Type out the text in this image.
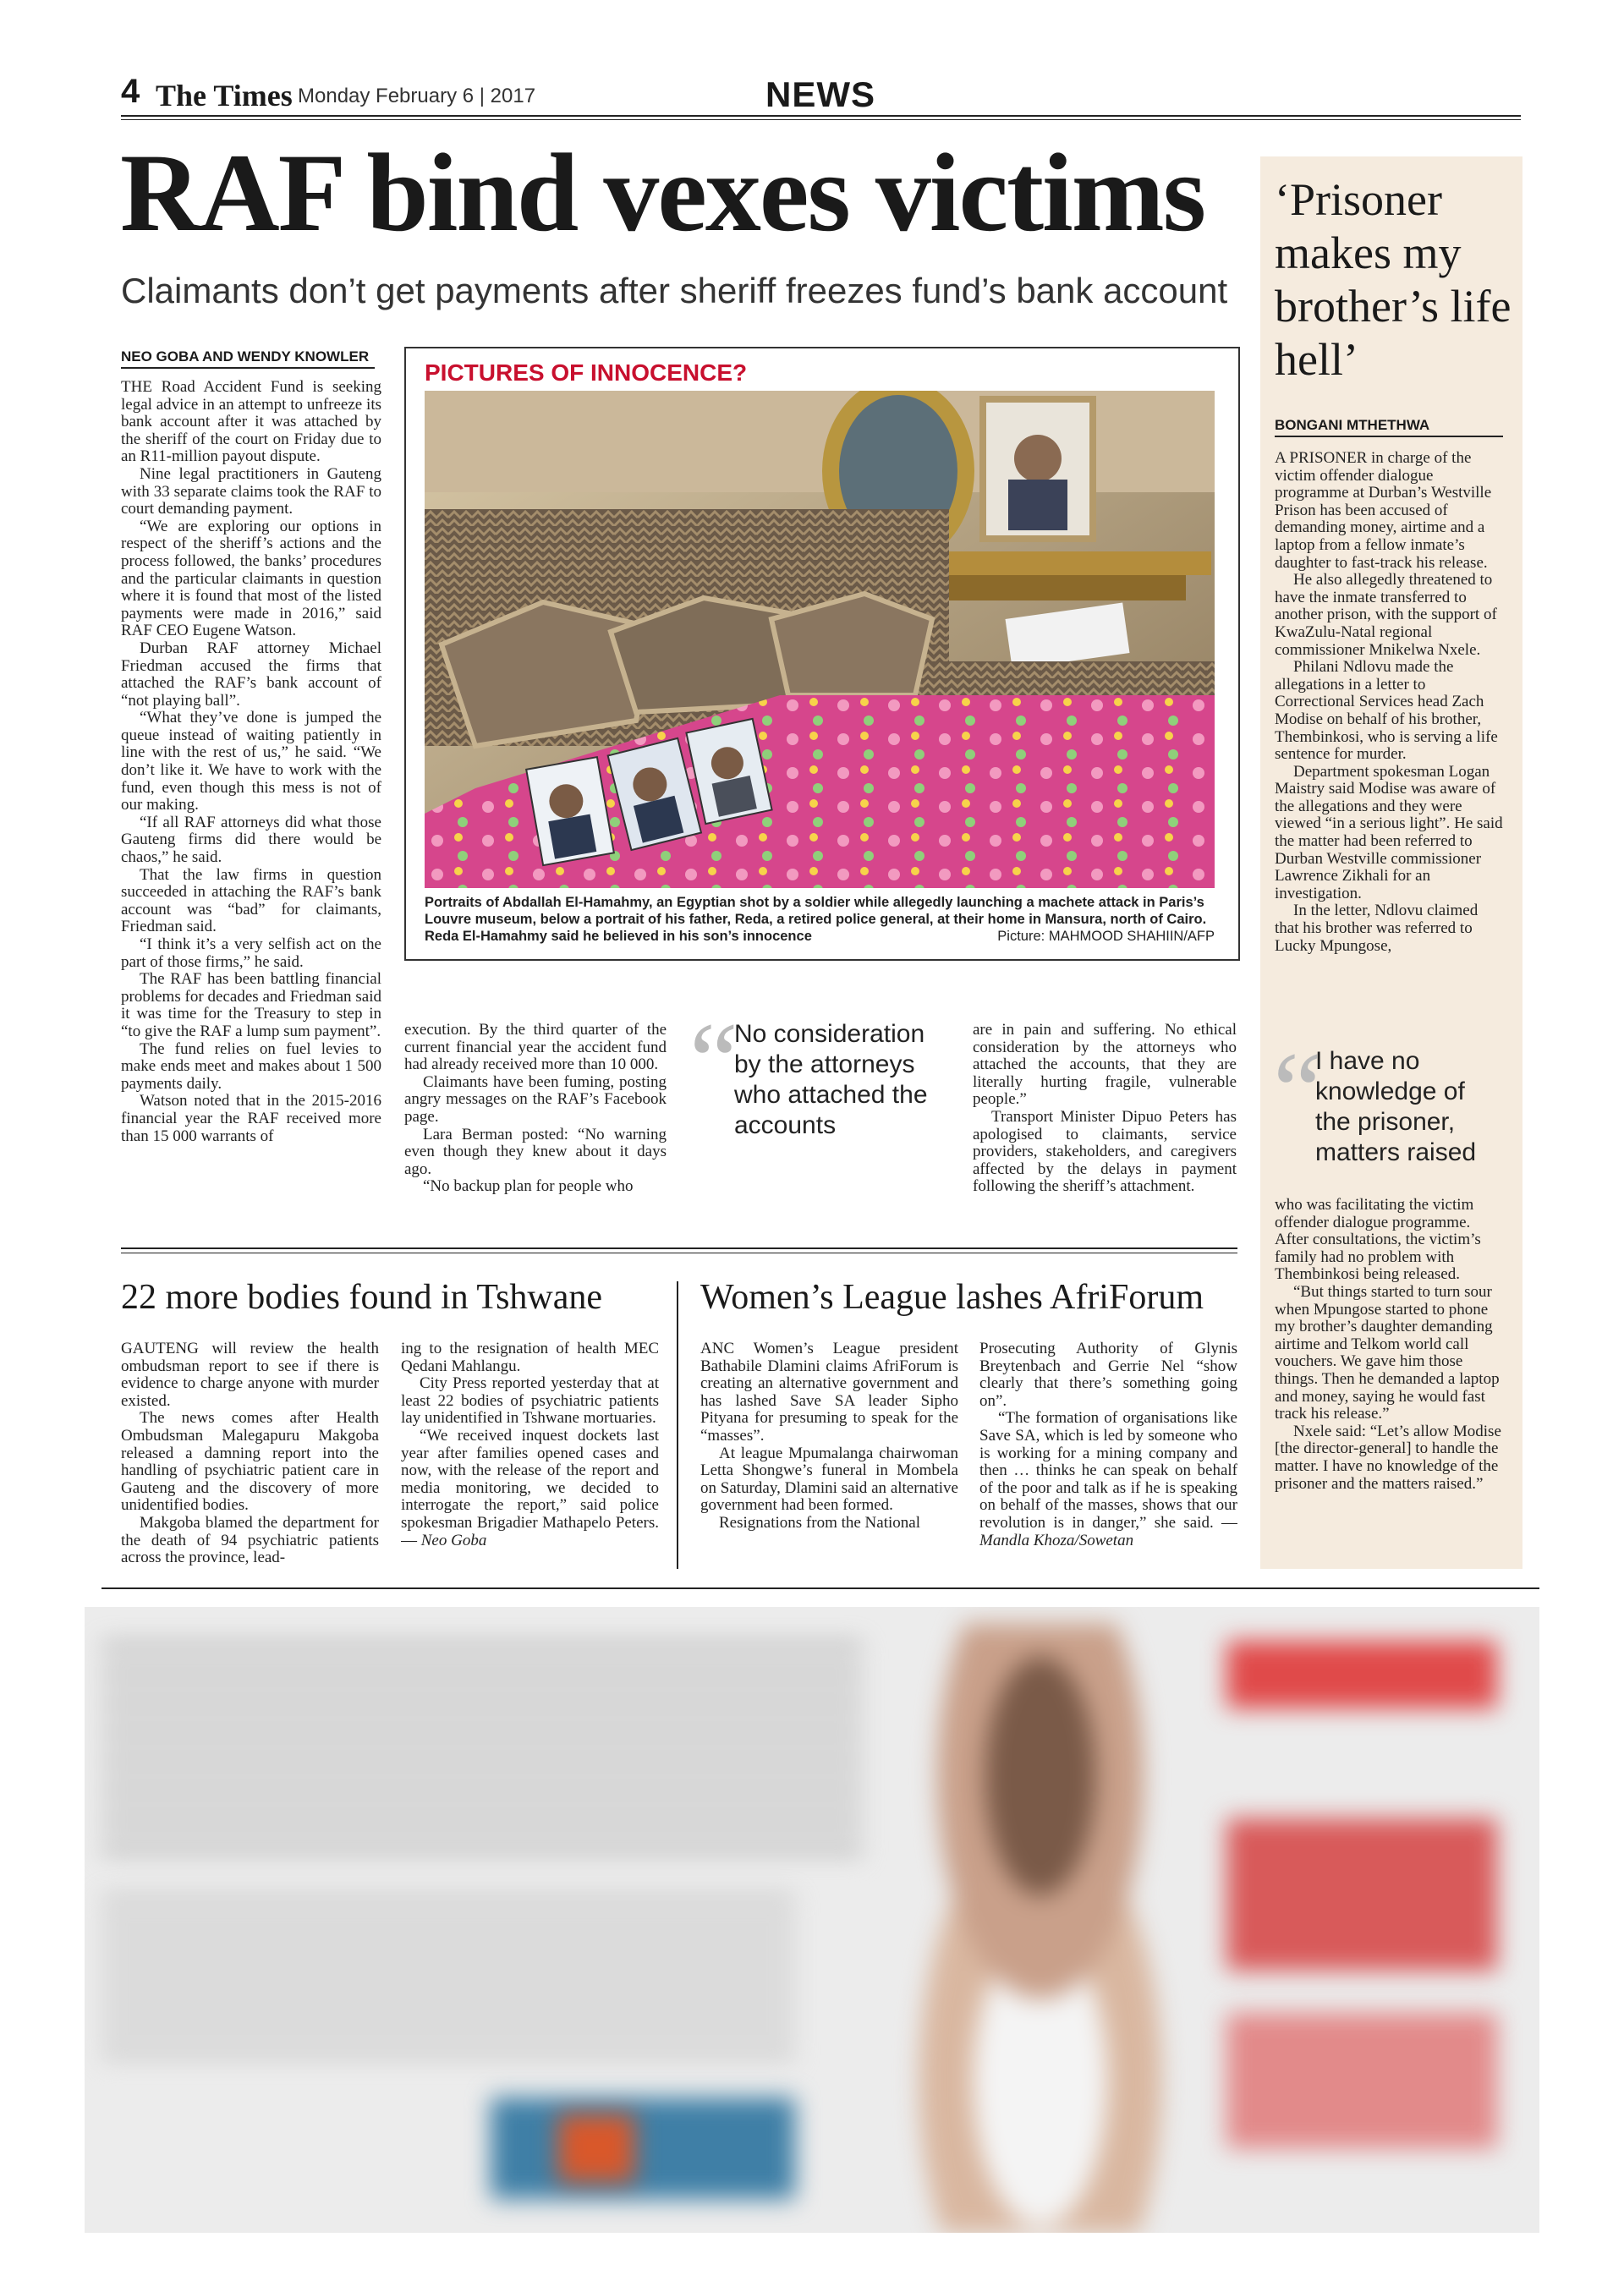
4 The Times Monday February 6 | 2017	NEWS
RAF bind vexes victims
Claimants don’t get payments after sheriff freezes fund’s bank account
NEO GOBA AND WENDY KNOWLER

THE Road Accident Fund is seeking legal advice in an attempt to unfreeze its bank account after it was attached by the sheriff of the court on Friday due to an R11-million payout dispute.

Nine legal practitioners in Gauteng with 33 separate claims took the RAF to court demanding payment.

“We are exploring our options in respect of the sheriff’s actions and the process followed, the banks’ procedures and the particular claimants in question where it is found that most of the listed payments were made in 2016,” said RAF CEO Eugene Watson.

Durban RAF attorney Michael Friedman accused the firms that attached the RAF’s bank account of “not playing ball”.

“What they’ve done is jumped the queue instead of waiting patiently in line with the rest of us,” he said. “We don’t like it. We have to work with the fund, even though this mess is not of our making.

“If all RAF attorneys did what those Gauteng firms did there would be chaos,” he said.

That the law firms in question succeeded in attaching the RAF’s bank account was “bad” for claimants, Friedman said.

“I think it’s a very selfish act on the part of those firms,” he said.

The RAF has been battling financial problems for decades and Friedman said it was time for the Treasury to step in “to give the RAF a lump sum payment”.

The fund relies on fuel levies to make ends meet and makes about 1 500 payments daily.

Watson noted that in the 2015-2016 financial year the RAF received more than 15 000 warrants of

PICTURES OF INNOCENCE?
Portraits of Abdallah El-Hamahmy, an Egyptian shot by a soldier while allegedly launching a machete attack in Paris’s Louvre museum, below a portrait of his father, Reda, a retired police general, at their home in Mansura, north of Cairo. Reda El-Hamahmy said he believed in his son’s innocence	Picture: MAHMOOD SHAHIIN/AFP

execution. By the third quarter of the current financial year the accident fund had already received more than 10 000.

Claimants have been fuming, posting angry messages on the RAF’s Facebook page.

Lara Berman posted: “No warning even though they knew about it days ago.

“No backup plan for people who

“
No consideration by the attorneys who attached the accounts

are in pain and suffering. No ethical consideration by the attorneys who attached the accounts, that they are literally hurting fragile, vulnerable people.”

Transport Minister Dipuo Peters has apologised to claimants, service providers, stakeholders, and caregivers affected by the delays in payment following the sheriff’s attachment.

22 more bodies found in Tshwane

GAUTENG will review the health ombudsman report to see if there is evidence to charge anyone with murder existed.

The news comes after Health Ombudsman Malegapuru Makgoba released a damning report into the handling of psychiatric patient care in Gauteng and the discovery of more unidentified bodies.

Makgoba blamed the department for the death of 94 psychiatric patients across the province, lead-

ing to the resignation of health MEC Qedani Mahlangu.

City Press reported yesterday that at least 22 bodies of psychiatric patients lay unidentified in Tshwane mortuaries.

“We received inquest dockets last year after families opened cases and now, with the release of the report and media monitoring, we decided to interrogate the report,” said police spokesman Brigadier Mathapelo Peters. — Neo Goba

Women’s League lashes AfriForum

ANC Women’s League president Bathabile Dlamini claims AfriForum is creating an alternative government and has lashed Save SA leader Sipho Pityana for presuming to speak for the “masses”.

At league Mpumalanga chairwoman Letta Shongwe’s funeral in Mombela on Saturday, Dlamini said an alternative government had been formed.

Resignations from the National

Prosecuting Authority of Glynis Breytenbach and Gerrie Nel “show clearly that there’s something going on”.

“The formation of organisations like Save SA, which is led by someone who is working for a mining company and then … thinks he can speak on behalf of the poor and talk as if he is speaking on behalf of the masses, shows that our revolution is in danger,” she said. — Mandla Khoza/Sowetan

‘Prisoner makes my brother’s life hell’
BONGANI MTHETHWA

A PRISONER in charge of the victim offender dialogue programme at Durban’s Westville Prison has been accused of demanding money, airtime and a laptop from a fellow inmate’s daughter to fast-track his release.

He also allegedly threatened to have the inmate transferred to another prison, with the support of KwaZulu-Natal regional commissioner Mnikelwa Nxele.

Philani Ndlovu made the allegations in a letter to Correctional Services head Zach Modise on behalf of his brother, Thembinkosi, who is serving a life sentence for murder.

Department spokesman Logan Maistry said Modise was aware of the allegations and they were viewed “in a serious light”. He said the matter had been referred to Durban Westville commissioner Lawrence Zikhali for an investigation.

In the letter, Ndlovu claimed that his brother was referred to Lucky Mpungose,

“
I have no knowledge of the prisoner, matters raised

who was facilitating the victim offender dialogue programme. After consultations, the victim’s family had no problem with Thembinkosi being released.

“But things started to turn sour when Mpungose started to phone my brother’s daughter demanding airtime and Telkom world call vouchers. We gave him those things. Then he demanded a laptop and money, saying he would fast track his release.”

Nxele said: “Let’s allow Modise [the director-general] to handle the matter. I have no knowledge of the prisoner and the matters raised.”
